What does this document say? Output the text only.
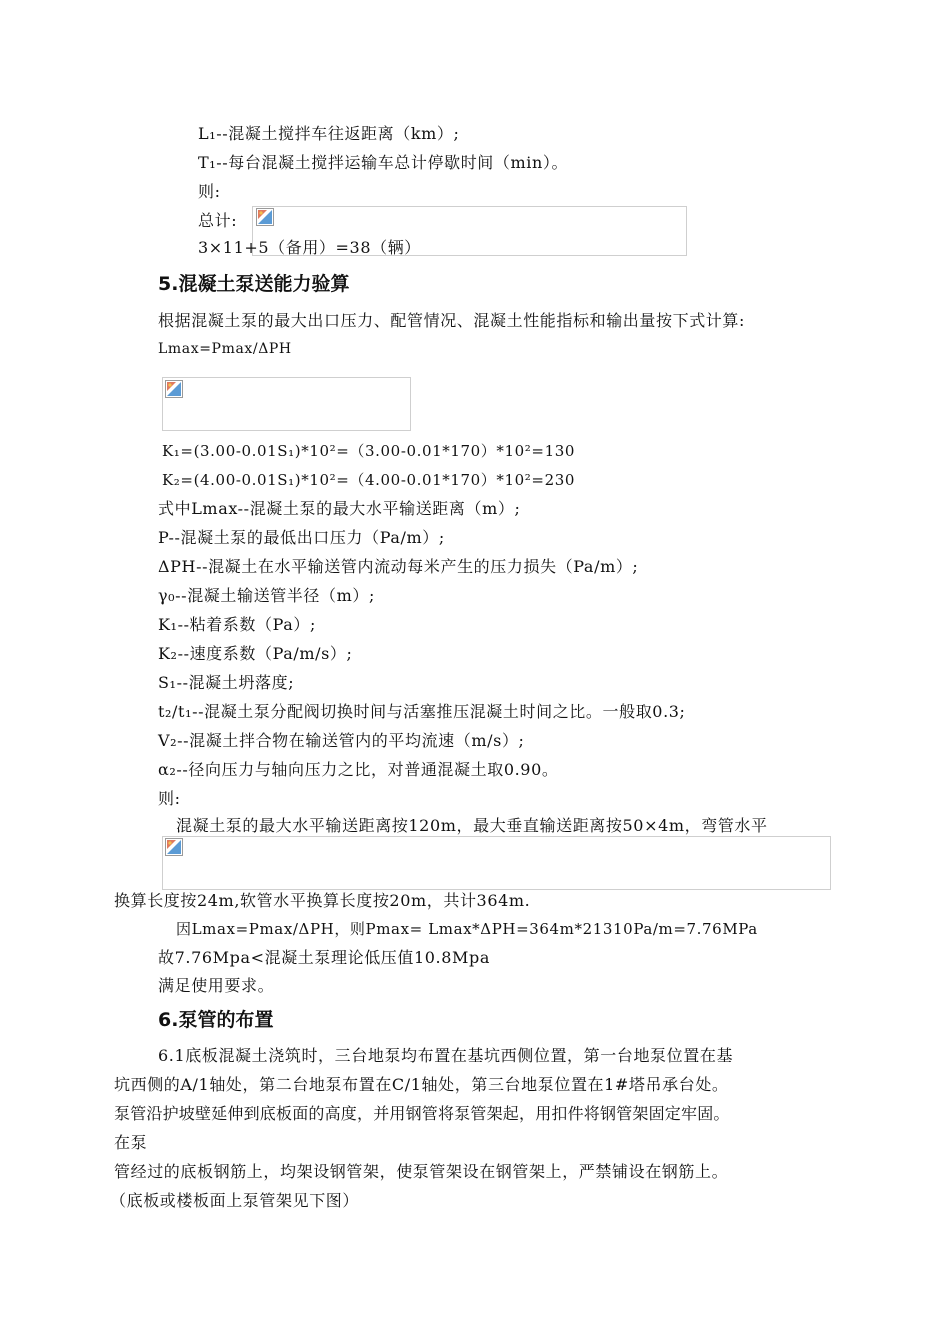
L₁--混凝土搅拌车往返距离（km）;
T₁--每台混凝土搅拌运输车总计停歇时间（min）。
则:
总计:
3×11+5（备用）=38（辆）
5.混凝土泵送能力验算
根据混凝土泵的最大出口压力、配管情况、混凝土性能指标和输出量按下式计算:
Lmax=Pmax/ΔPH
K₁=(3.00-0.01S₁)*10²=（3.00-0.01*170）*10²=130
K₂=(4.00-0.01S₁)*10²=（4.00-0.01*170）*10²=230
式中Lmax--混凝土泵的最大水平输送距离（m）;
P--混凝土泵的最低出口压力（Pa/m）;
ΔPH--混凝土在水平输送管内流动每米产生的压力损失（Pa/m）;
γ₀--混凝土输送管半径（m）;
K₁--粘着系数（Pa）;
K₂--速度系数（Pa/m/s）;
S₁--混凝土坍落度;
t₂/t₁--混凝土泵分配阀切换时间与活塞推压混凝土时间之比。一般取0.3;
V₂--混凝土拌合物在输送管内的平均流速（m/s）;
α₂--径向压力与轴向压力之比，对普通混凝土取0.90。
则:
混凝土泵的最大水平输送距离按120m，最大垂直输送距离按50×4m，弯管水平
换算长度按24m,软管水平换算长度按20m，共计364m.
因Lmax=Pmax/ΔPH，则Pmax= Lmax*ΔPH=364m*21310Pa/m=7.76MPa
故7.76Mpa<混凝土泵理论低压值10.8Mpa
满足使用要求。
6.泵管的布置
6.1底板混凝土浇筑时，三台地泵均布置在基坑西侧位置，第一台地泵位置在基
坑西侧的A/1轴处，第二台地泵布置在C/1轴处，第三台地泵位置在1#塔吊承台处。
泵管沿护坡壁延伸到底板面的高度，并用钢管将泵管架起，用扣件将钢管架固定牢固。
在泵
管经过的底板钢筋上，均架设钢管架，使泵管架设在钢管架上，严禁铺设在钢筋上。
（底板或楼板面上泵管架见下图）
